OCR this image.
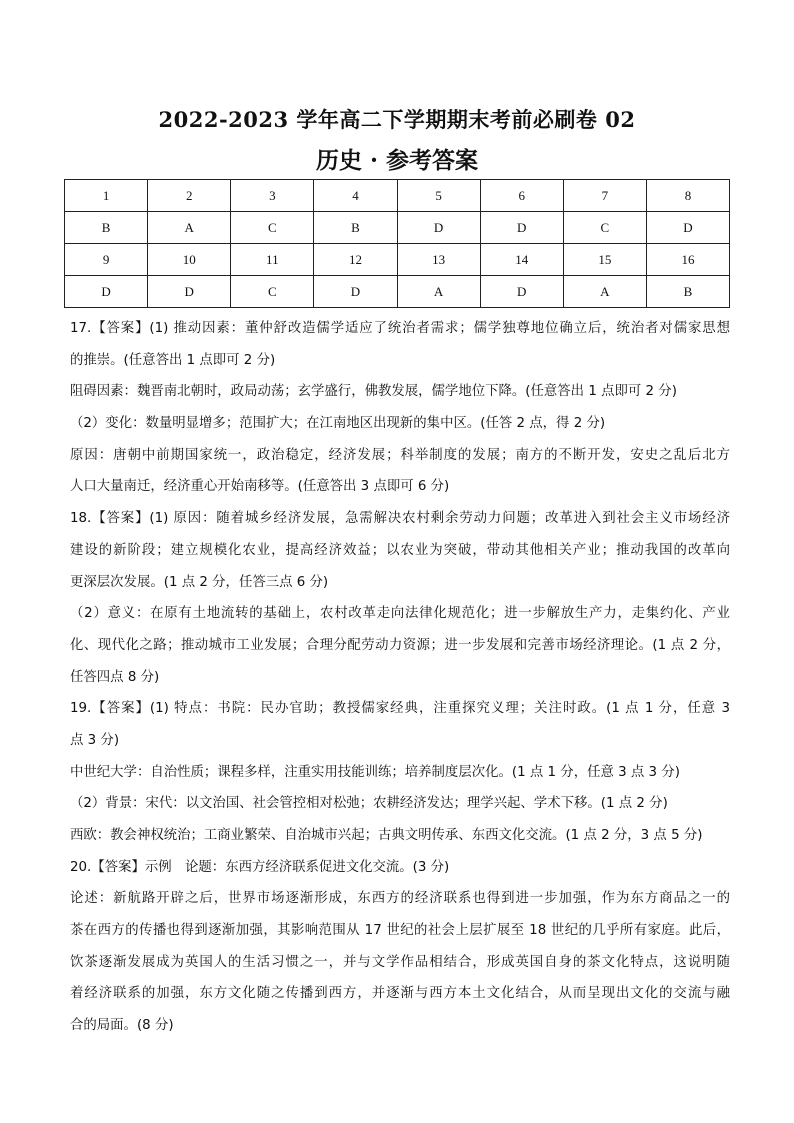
2022-2023 学年高二下学期期末考前必刷卷 02
历史 · 参考答案
1	2	3	4	5	6	7	8
B	A	C	B	D	D	C	D
9	10	11	12	13	14	15	16
D	D	C	D	A	D	A	B
17.【答案】(1) 推动因素：董仲舒改造儒学适应了统治者需求；儒学独尊地位确立后，统治者对儒家思想
的推崇。(任意答出 1 点即可 2 分)
阻碍因素：魏晋南北朝时，政局动荡；玄学盛行，佛教发展，儒学地位下降。(任意答出 1 点即可 2 分)
（2）变化：数量明显增多；范围扩大；在江南地区出现新的集中区。(任答 2 点，得 2 分)
原因：唐朝中前期国家统一，政治稳定，经济发展；科举制度的发展；南方的不断开发，安史之乱后北方
人口大量南迁，经济重心开始南移等。(任意答出 3 点即可 6 分)
18.【答案】(1) 原因：随着城乡经济发展，急需解决农村剩余劳动力问题；改革进入到社会主义市场经济
建设的新阶段；建立规模化农业，提高经济效益；以农业为突破，带动其他相关产业；推动我国的改革向
更深层次发展。(1 点 2 分，任答三点 6 分)
（2）意义：在原有土地流转的基础上，农村改革走向法律化规范化；进一步解放生产力，走集约化、产业
化、现代化之路；推动城市工业发展；合理分配劳动力资源；进一步发展和完善市场经济理论。(1 点 2 分，
任答四点 8 分)
19.【答案】(1) 特点：书院：民办官助；教授儒家经典，注重探究义理；关注时政。(1 点 1 分，任意 3
点 3 分)
中世纪大学：自治性质；课程多样，注重实用技能训练；培养制度层次化。(1 点 1 分，任意 3 点 3 分)
（2）背景：宋代：以文治国、社会管控相对松弛；农耕经济发达；理学兴起、学术下移。(1 点 2 分)
西欧：教会神权统治；工商业繁荣、自治城市兴起；古典文明传承、东西文化交流。(1 点 2 分，3 点 5 分)
20.【答案】示例　论题：东西方经济联系促进文化交流。(3 分)
论述：新航路开辟之后，世界市场逐渐形成，东西方的经济联系也得到进一步加强，作为东方商品之一的
茶在西方的传播也得到逐渐加强，其影响范围从 17 世纪的社会上层扩展至 18 世纪的几乎所有家庭。此后，
饮茶逐渐发展成为英国人的生活习惯之一，并与文学作品相结合，形成英国自身的茶文化特点，这说明随
着经济联系的加强，东方文化随之传播到西方，并逐渐与西方本土文化结合，从而呈现出文化的交流与融
合的局面。(8 分)
